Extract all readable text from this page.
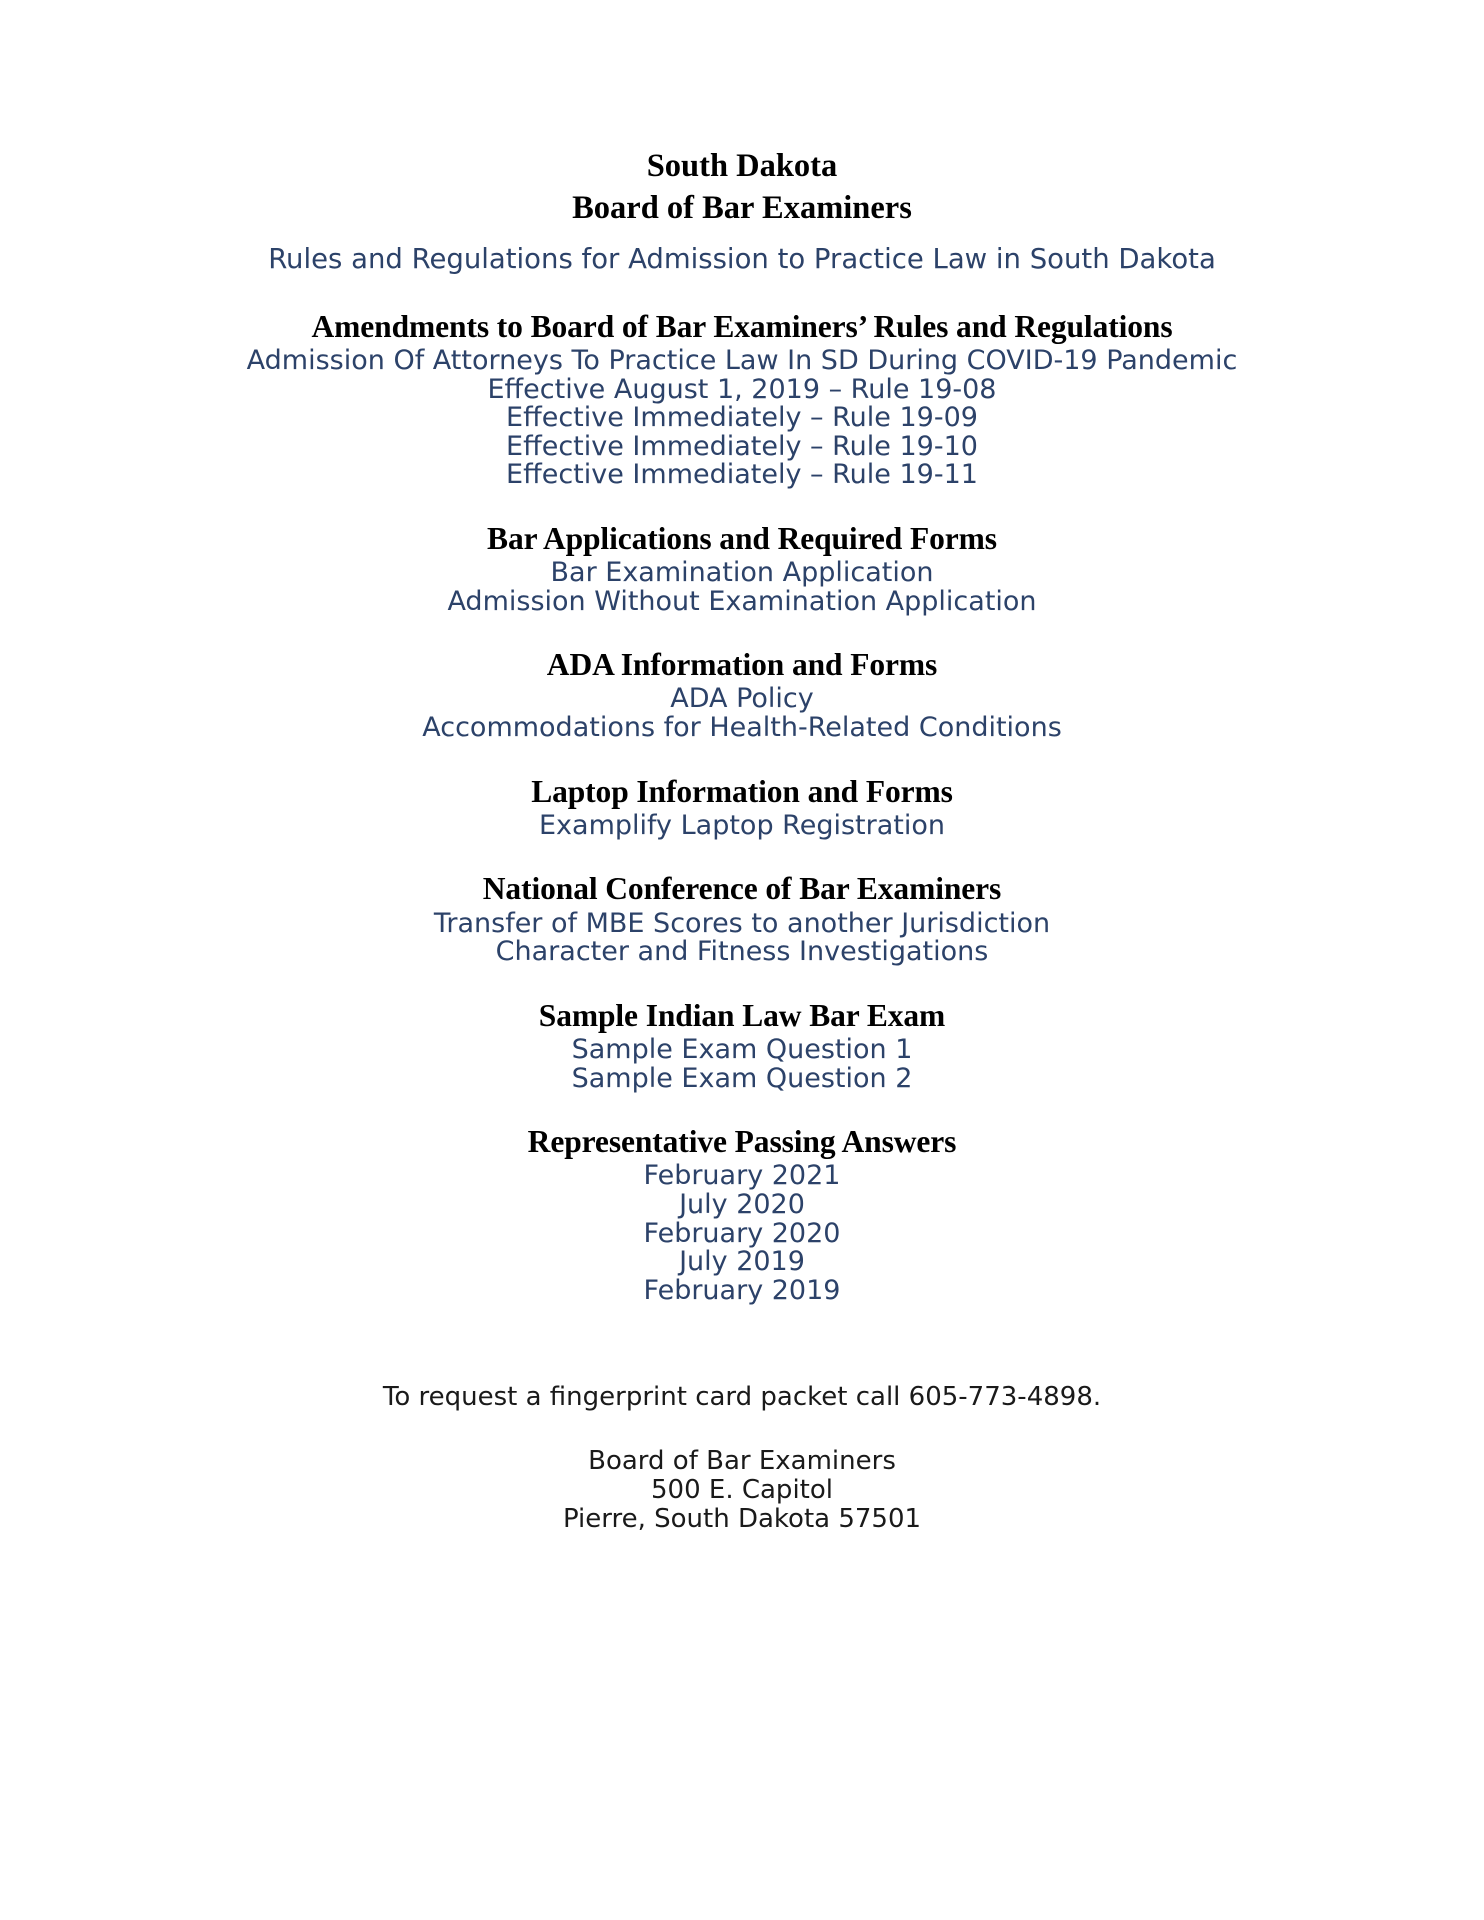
South Dakota

Board of Bar Examiners

Rules and Regulations for Admission to Practice Law in South Dakota

Amendments to Board of Bar Examiners’ Rules and Regulations

Admission Of Attorneys To Practice Law In SD During COVID-19 Pandemic

Effective August 1, 2019 – Rule 19-08

Effective Immediately – Rule 19-09

Effective Immediately – Rule 19-10

Effective Immediately – Rule 19-11

Bar Applications and Required Forms

Bar Examination Application

Admission Without Examination Application

ADA Information and Forms

ADA Policy

Accommodations for Health-Related Conditions

Laptop Information and Forms

Examplify Laptop Registration

National Conference of Bar Examiners

Transfer of MBE Scores to another Jurisdiction

Character and Fitness Investigations

Sample Indian Law Bar Exam

Sample Exam Question 1

Sample Exam Question 2

Representative Passing Answers

February 2021

July 2020

February 2020

July 2019

February 2019

To request a fingerprint card packet call 605-773-4898.

Board of Bar Examiners

500 E. Capitol

Pierre, South Dakota 57501
